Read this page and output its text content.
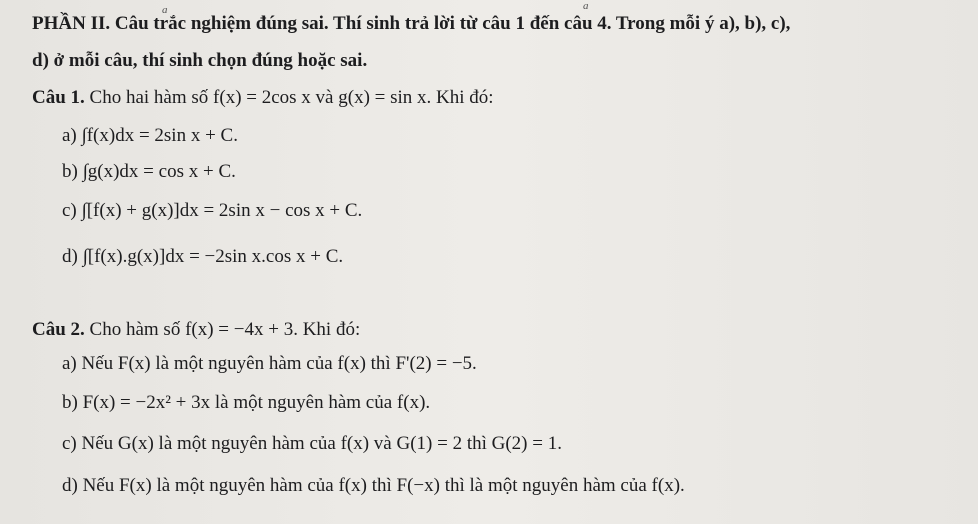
a	a
PHẦN II. Câu trắc nghiệm đúng sai. Thí sinh trả lời từ câu 1 đến câu 4. Trong mỗi ý a), b), c),
d) ở mỗi câu, thí sinh chọn đúng hoặc sai.
Câu 1. Cho hai hàm số f(x) = 2cos x và g(x) = sin x. Khi đó:
a) ∫f(x)dx = 2sin x + C.
b) ∫g(x)dx = cos x + C.
c) ∫[f(x) + g(x)]dx = 2sin x − cos x + C.
d) ∫[f(x).g(x)]dx = −2sin x.cos x + C.
Câu 2. Cho hàm số f(x) = −4x + 3. Khi đó:
a) Nếu F(x) là một nguyên hàm của f(x) thì F'(2) = −5.
b) F(x) = −2x² + 3x là một nguyên hàm của f(x).
c) Nếu G(x) là một nguyên hàm của f(x) và G(1) = 2 thì G(2) = 1.
d) Nếu F(x) là một nguyên hàm của f(x) thì F(−x) thì là một nguyên hàm của f(x).
